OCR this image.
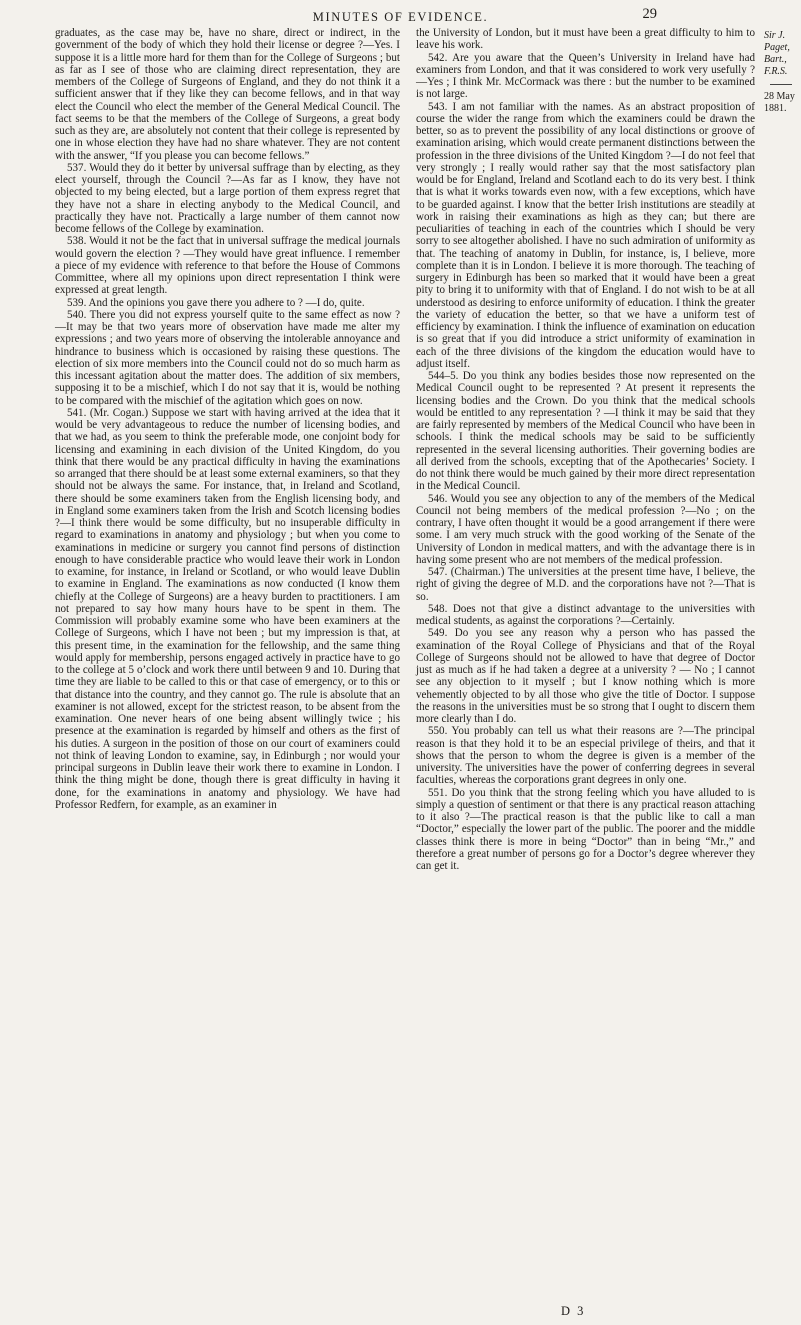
MINUTES OF EVIDENCE.	29

graduates, as the case may be, have no share, direct or indirect, in the government of the body of which they hold their license or degree ?—Yes. I suppose it is a little more hard for them than for the College of Surgeons ; but as far as I see of those who are claiming direct representation, they are members of the College of Surgeons of England, and they do not think it a sufficient answer that if they like they can become fellows, and in that way elect the Council who elect the member of the General Medical Council. The fact seems to be that the members of the College of Surgeons, a great body such as they are, are absolutely not content that their college is represented by one in whose election they have had no share whatever. They are not content with the answer, “If you please you can become fellows.”

537. Would they do it better by universal suffrage than by electing, as they elect yourself, through the Council ?—As far as I know, they have not objected to my being elected, but a large portion of them express regret that they have not a share in electing anybody to the Medical Council, and practically they have not. Practically a large number of them cannot now become fellows of the College by examination.

538. Would it not be the fact that in universal suffrage the medical journals would govern the election ? —They would have great influence. I remember a piece of my evidence with reference to that before the House of Commons Committee, where all my opinions upon direct representation I think were expressed at great length.

539. And the opinions you gave there you adhere to ? —I do, quite.

540. There you did not express yourself quite to the same effect as now ?—It may be that two years more of observation have made me alter my expressions ; and two years more of observing the intolerable annoyance and hindrance to business which is occasioned by raising these questions. The election of six more members into the Council could not do so much harm as this incessant agitation about the matter does. The addition of six members, supposing it to be a mischief, which I do not say that it is, would be nothing to be compared with the mischief of the agitation which goes on now.

541. (Mr. Cogan.) Suppose we start with having arrived at the idea that it would be very advantageous to reduce the number of licensing bodies, and that we had, as you seem to think the preferable mode, one conjoint body for licensing and examining in each division of the United Kingdom, do you think that there would be any practical difficulty in having the examinations so arranged that there should be at least some external examiners, so that they should not be always the same. For instance, that, in Ireland and Scotland, there should be some examiners taken from the English licensing body, and in England some examiners taken from the Irish and Scotch licensing bodies ?—I think there would be some difficulty, but no insuperable difficulty in regard to examinations in anatomy and physiology ; but when you come to examinations in medicine or surgery you cannot find persons of distinction enough to have considerable practice who would leave their work in London to examine, for instance, in Ireland or Scotland, or who would leave Dublin to examine in England. The examinations as now conducted (I know them chiefly at the College of Surgeons) are a heavy burden to practitioners. I am not prepared to say how many hours have to be spent in them. The Commission will probably examine some who have been examiners at the College of Surgeons, which I have not been ; but my impression is that, at this present time, in the examination for the fellowship, and the same thing would apply for membership, persons engaged actively in practice have to go to the college at 5 o’clock and work there until between 9 and 10. During that time they are liable to be called to this or that case of emergency, or to this or that distance into the country, and they cannot go. The rule is absolute that an examiner is not allowed, except for the strictest reason, to be absent from the examination. One never hears of one being absent willingly twice ; his presence at the examination is regarded by himself and others as the first of his duties. A surgeon in the position of those on our court of examiners could not think of leaving London to examine, say, in Edinburgh ; nor would your principal surgeons in Dublin leave their work there to examine in London. I think the thing might be done, though there is great difficulty in having it done, for the examinations in anatomy and physiology. We have had Professor Redfern, for example, as an examiner in

the University of London, but it must have been a great difficulty to him to leave his work.

542. Are you aware that the Queen’s University in Ireland have had examiners from London, and that it was considered to work very usefully ?—Yes ; I think Mr. McCormack was there : but the number to be examined is not large.

543. I am not familiar with the names. As an abstract proposition of course the wider the range from which the examiners could be drawn the better, so as to prevent the possibility of any local distinctions or groove of examination arising, which would create permanent distinctions between the profession in the three divisions of the United Kingdom ?—I do not feel that very strongly ; I really would rather say that the most satisfactory plan would be for England, Ireland and Scotland each to do its very best. I think that is what it works towards even now, with a few exceptions, which have to be guarded against. I know that the better Irish institutions are steadily at work in raising their examinations as high as they can; but there are peculiarities of teaching in each of the countries which I should be very sorry to see altogether abolished. I have no such admiration of uniformity as that. The teaching of anatomy in Dublin, for instance, is, I believe, more complete than it is in London. I believe it is more thorough. The teaching of surgery in Edinburgh has been so marked that it would have been a great pity to bring it to uniformity with that of England. I do not wish to be at all understood as desiring to enforce uniformity of education. I think the greater the variety of education the better, so that we have a uniform test of efficiency by examination. I think the influence of examination on education is so great that if you did introduce a strict uniformity of examination in each of the three divisions of the kingdom the education would have to adjust itself.

544–5. Do you think any bodies besides those now represented on the Medical Council ought to be represented ? At present it represents the licensing bodies and the Crown. Do you think that the medical schools would be entitled to any representation ? —I think it may be said that they are fairly represented by members of the Medical Council who have been in schools. I think the medical schools may be said to be sufficiently represented in the several licensing authorities. Their governing bodies are all derived from the schools, excepting that of the Apothecaries’ Society. I do not think there would be much gained by their more direct representation in the Medical Council.

546. Would you see any objection to any of the members of the Medical Council not being members of the medical profession ?—No ; on the contrary, I have often thought it would be a good arrangement if there were some. I am very much struck with the good working of the Senate of the University of London in medical matters, and with the advantage there is in having some present who are not members of the medical profession.

547. (Chairman.) The universities at the present time have, I believe, the right of giving the degree of M.D. and the corporations have not ?—That is so.

548. Does not that give a distinct advantage to the universities with medical students, as against the corporations ?—Certainly.

549. Do you see any reason why a person who has passed the examination of the Royal College of Physicians and that of the Royal College of Surgeons should not be allowed to have that degree of Doctor just as much as if he had taken a degree at a university ? — No ; I cannot see any objection to it myself ; but I know nothing which is more vehemently objected to by all those who give the title of Doctor. I suppose the reasons in the universities must be so strong that I ought to discern them more clearly than I do.

550. You probably can tell us what their reasons are ?—The principal reason is that they hold it to be an especial privilege of theirs, and that it shows that the person to whom the degree is given is a member of the university. The universities have the power of conferring degrees in several faculties, whereas the corporations grant degrees in only one.

551. Do you think that the strong feeling which you have alluded to is simply a question of sentiment or that there is any practical reason attaching to it also ?—The practical reason is that the public like to call a man “Doctor,” especially the lower part of the public. The poorer and the middle classes think there is more in being “Doctor” than in being “Mr.,” and therefore a great number of persons go for a Doctor’s degree wherever they can get it.

Sir J. Paget,
Bart., F.R.S.
28 May 1881.
D 3
